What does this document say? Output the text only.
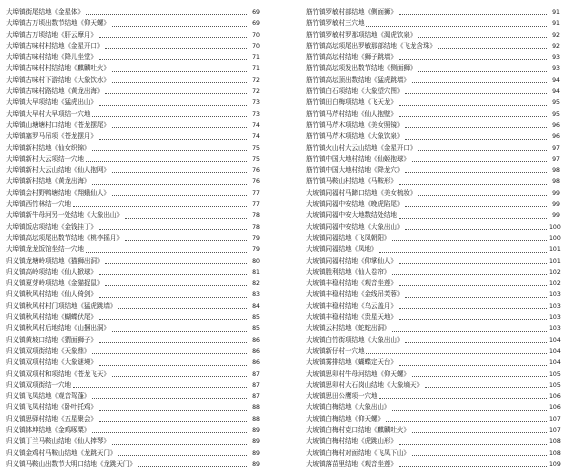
大埠镇街尾结地《金星体》	69
大埠镇古万顷出数节结地《仰天螺》	69
大埠镇古万顷结地《肝云摩月》	70
大埠镇古味村村结地《金星开口》	70
大埠镇古味村结地《降儿坐堂》	71
大埠镇古味村村结结地《麒麟吐火》	71
大埠镇古味村下游结地《大象饮水》	72
大埠镇古味村路结地《黄龙出海》	72
大埠镇大早项结地《猛虎出山》	73
大埠镇大早村大早项结一穴地	73
大埠镇山塘塘村口结地《苍龙摆尾》	74
大埠镇塞罗马吊项《苍龙摆月》	74
大埠镇新村结地《仙女织锦》	75
大埠镇新村大云项结一穴地	75
大埠镇新村大云山结地《仙人抱网》	76
大埠镇新村结地《黄龙出海》	76
大埠镇会村野鸭塘结地《翔蛾仙人》	77
大埠镇西竹林结一穴地	77
大埠镇新牛母河另一处结地《大象出山》	78
大埠镇饭店项结地《金钱挂丁》	78
大埠镇高坛项尾出数节结地《桃李摇月》	79
大埠镇龙龙饭馆坐结一穴地	79
归义镇龙塘岭项结地《猫狮出洞》	80
归义镇高岭项结地《仙人掀球》	81
归义镇夏芽岭项结地《金猫捉鼠》	82
归义镇秋风村结地《仙人倚剑》	83
归义镇秋风村村门项结地《猛虎跳墙》	84
归义镇秋风村结地《蝴蝶伏尾》	85
归义镇秋风村后地结地《山捆出洞》	85
归义镇黄坡口结地《猬面狮子》	86
归义镇双项街结地《天象鼎》	86
归义镇双项村结地《大象谜境》	86
归义镇双项村和项结地《苍龙飞天》	87
归义镇双项街结一穴地	87
归义镇飞凤结地《观音驾蓬》	87
归义镇飞凤村结地《卧叶托鸡》	88
归义镇思驿村结地《五星聚会》	88
归义镇钵坤结地《金鸡啄粟》	89
归义镇丁兰马鞍山结地《仙人捧琴》	89
归义镇金鸡村马鞍山结地《龙跳天门》	89
归义镇马鞍山出数节大明口结地《龙跳天门》	89
筋竹镇罗敏村部结地《侧面狮》	91
筋竹镇罗敏村三穴地	91
筋竹镇罗敏村罗那项结地《渴虎饮泉》	92
筋竹镇高坛项尾出罗敏那部结地《飞龙含珠》	92
筋竹镇高坛村结地《狮子跳墙》	93
筋竹镇高坛项发出数节结地《侧面狮》	93
筋竹镇高坛顶出数结地《猛虎跳墙》	94
筋竹镇白石项结地《大象望穴图》	94
筋竹镇田白梅项结地《飞天龙》	95
筋竹镇马芹村结地《仙人抱壁》	95
筋竹镇马芹木项结地《美女照镜》	96
筋竹镇马芹木项结地《大象饮泉》	96
筋竹镇火山村大云山结地《金星开口》	97
筋竹镇中国大地村结地《仙姬抱球》	97
筋竹镇中国大地村结地《降龙穴》	98
筋竹镇马鞍山村结地《马鞍形》	98
大坡镇同福村马蹄口结地《美女梳妆》	99
大坡镇同福中安结地《晚虎陷尾》	99
大坡镇同福中安大地数结处结地	99
大坡镇同福中安结地《大象出山》	100
大坡镇同福结地《飞凤朝阳》	100
大坡镇同福结地《凤地》	101
大坡镇同福村结地《仰掌仙人》	101
大坡镇胜利结地《仙人卷帘》	102
大坡镇丰稳村结地《观音坐莲》	102
大坡镇丰稳村结地《金线吊芙蓉》	103
大坡镇丰稳村结地《乌云盖月》	103
大坡镇丰稳村结地《贵星天地》	103
大坡镇云村结地《蛇蛇出洞》	103
大坡镇白竹街项结地《大象出山》	104
大坡镇新仔村一穴地	104
大坡镇雾排结地《蝴蝶定天台》	104
大坡镇思卯村牛母河结地《仰天螺》	105
大坡镇思卯村大石岗山结地《大象墒天》	105
大坡镇思田公鹰项一穴地	106
大坡镇白梅结地《大象出山》	106
大坡镇白梅结地《仰天螺》	107
大坡镇白梅村克口结地《麒麟吐火》	107
大坡镇白梅村结地《虎跳山形》	108
大坡镇白梅村对面结地《飞凤下山》	108
大坡镇落苗里结地《观音坐莲》	109
